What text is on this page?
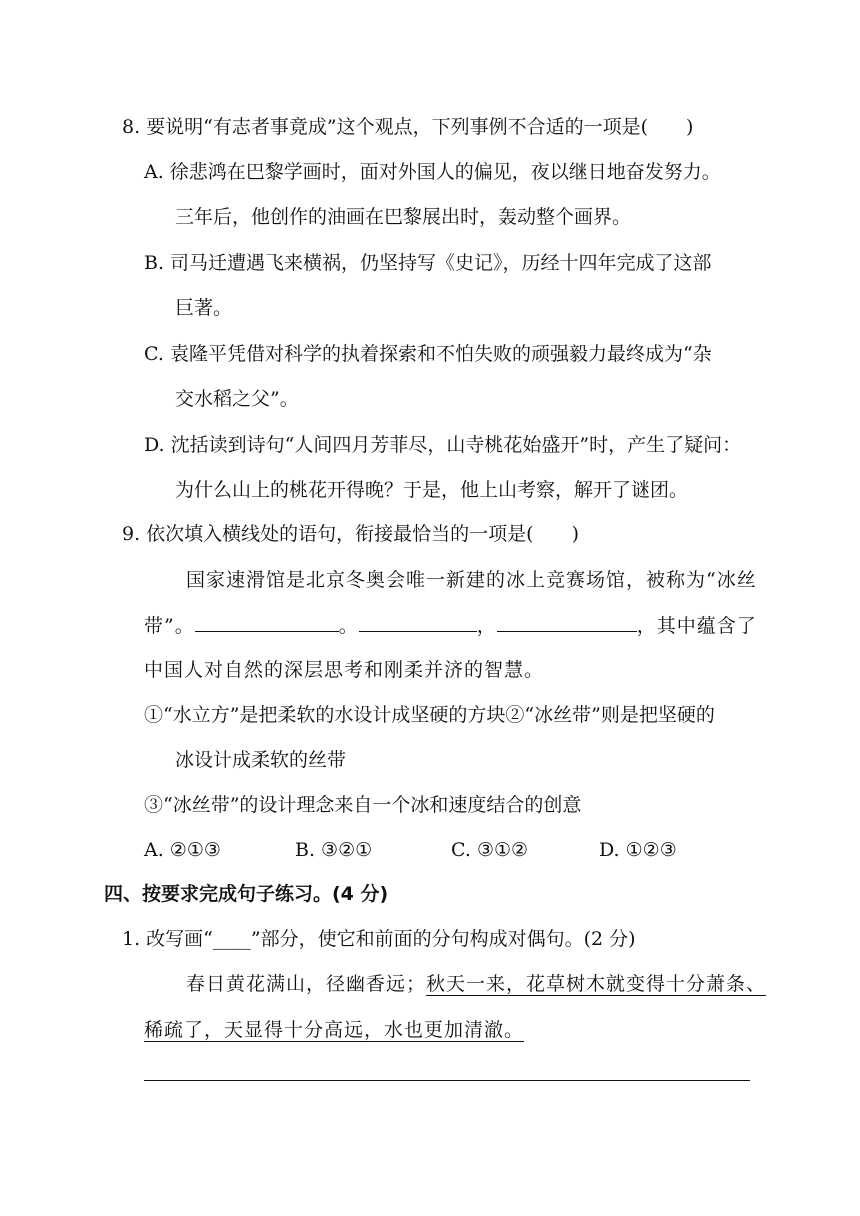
8. 要说明“有志者事竟成”这个观点，下列事例不合适的一项是(　　)
A. 徐悲鸿在巴黎学画时，面对外国人的偏见，夜以继日地奋发努力。
三年后，他创作的油画在巴黎展出时，轰动整个画界。
B. 司马迁遭遇飞来横祸，仍坚持写《史记》，历经十四年完成了这部
巨著。
C. 袁隆平凭借对科学的执着探索和不怕失败的顽强毅力最终成为“杂
交水稻之父”。
D. 沈括读到诗句“人间四月芳菲尽，山寺桃花始盛开”时，产生了疑问：
为什么山上的桃花开得晚？于是，他上山考察，解开了谜团。
9. 依次填入横线处的语句，衔接最恰当的一项是(　　)
国家速滑馆是北京冬奥会唯一新建的冰上竞赛场馆，被称为“冰丝
带”。	。	，	，其中蕴含了
中国人对自然的深层思考和刚柔并济的智慧。
①“水立方”是把柔软的水设计成坚硬的方块②“冰丝带”则是把坚硬的
冰设计成柔软的丝带
③“冰丝带”的设计理念来自一个冰和速度结合的创意
A. ②①③	B. ③②①	C. ③①②	D. ①②③
四、按要求完成句子练习。(4 分)
1. 改写画“____”部分，使它和前面的分句构成对偶句。(2 分)
春日黄花满山，径幽香远；秋天一来，花草树木就变得十分萧条、
稀疏了，天显得十分高远，水也更加清澈。
